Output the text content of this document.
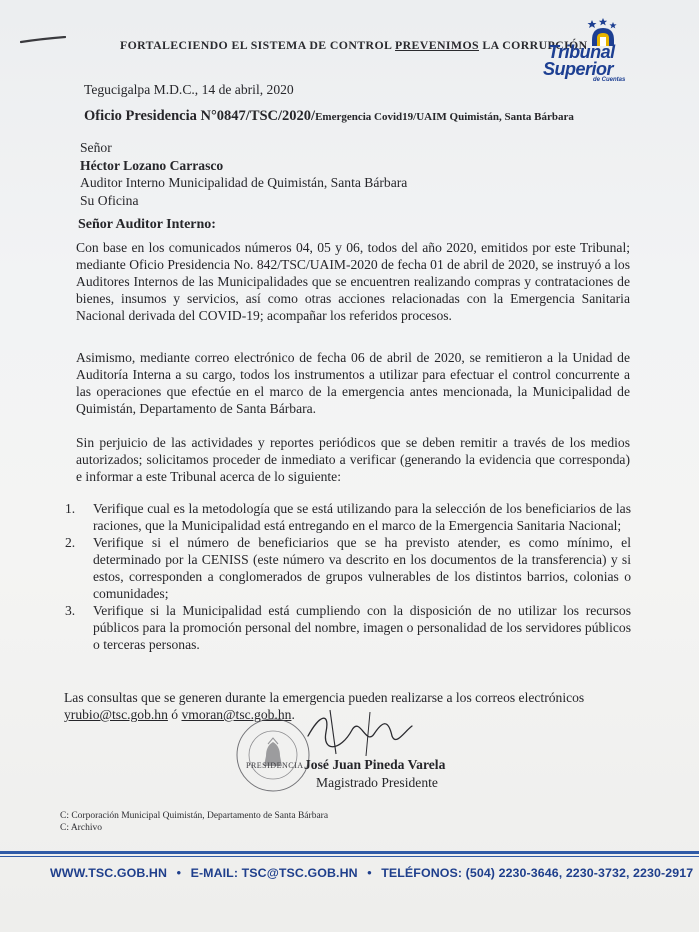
FORTALECIENDO EL SISTEMA DE CONTROL PREVENIMOS LA CORRUPCIÓN
Tribunal
Superior
de Cuentas
Tegucigalpa M.D.C., 14 de abril, 2020
Oficio Presidencia N°0847/TSC/2020/Emergencia Covid19/UAIM Quimistán, Santa Bárbara
Señor
Héctor Lozano Carrasco
Auditor Interno Municipalidad de Quimistán, Santa Bárbara
Su Oficina
Señor Auditor Interno:
Con base en los comunicados números 04, 05 y 06, todos del año 2020, emitidos por este Tribunal; mediante Oficio Presidencia No. 842/TSC/UAIM-2020 de fecha 01 de abril de 2020, se instruyó a los Auditores Internos de las Municipalidades que se encuentren realizando compras y contrataciones de bienes, insumos y servicios, así como otras acciones relacionadas con la Emergencia Sanitaria Nacional derivada del COVID-19; acompañar los referidos procesos.
Asimismo, mediante correo electrónico de fecha 06 de abril de 2020, se remitieron a la Unidad de Auditoría Interna a su cargo, todos los instrumentos a utilizar para efectuar el control concurrente a las operaciones que efectúe en el marco de la emergencia antes mencionada, la Municipalidad de Quimistán, Departamento de Santa Bárbara.
Sin perjuicio de las actividades y reportes periódicos que se deben remitir a través de los medios autorizados; solicitamos proceder de inmediato a verificar (generando la evidencia que corresponda) e informar a este Tribunal acerca de lo siguiente:
1. Verifique cual es la metodología que se está utilizando para la selección de los beneficiarios de las raciones, que la Municipalidad está entregando en el marco de la Emergencia Sanitaria Nacional;
2. Verifique si el número de beneficiarios que se ha previsto atender, es como mínimo, el determinado por la CENISS (este número va descrito en los documentos de la transferencia) y si estos, corresponden a conglomerados de grupos vulnerables de los distintos barrios, colonias o comunidades;
3. Verifique si la Municipalidad está cumpliendo con la disposición de no utilizar los recursos públicos para la promoción personal del nombre, imagen o personalidad de los servidores públicos o terceras personas.
Las consultas que se generen durante la emergencia pueden realizarse a los correos electrónicos
yrubio@tsc.gob.hn ó vmoran@tsc.gob.hn.
PRESIDENCIA José Juan Pineda Varela
Magistrado Presidente
C: Corporación Municipal Quimistán, Departamento de Santa Bárbara
C: Archivo
WWW.TSC.GOB.HN • E-MAIL: TSC@TSC.GOB.HN • TELÉFONOS: (504) 2230-3646, 2230-3732, 2230-2917
